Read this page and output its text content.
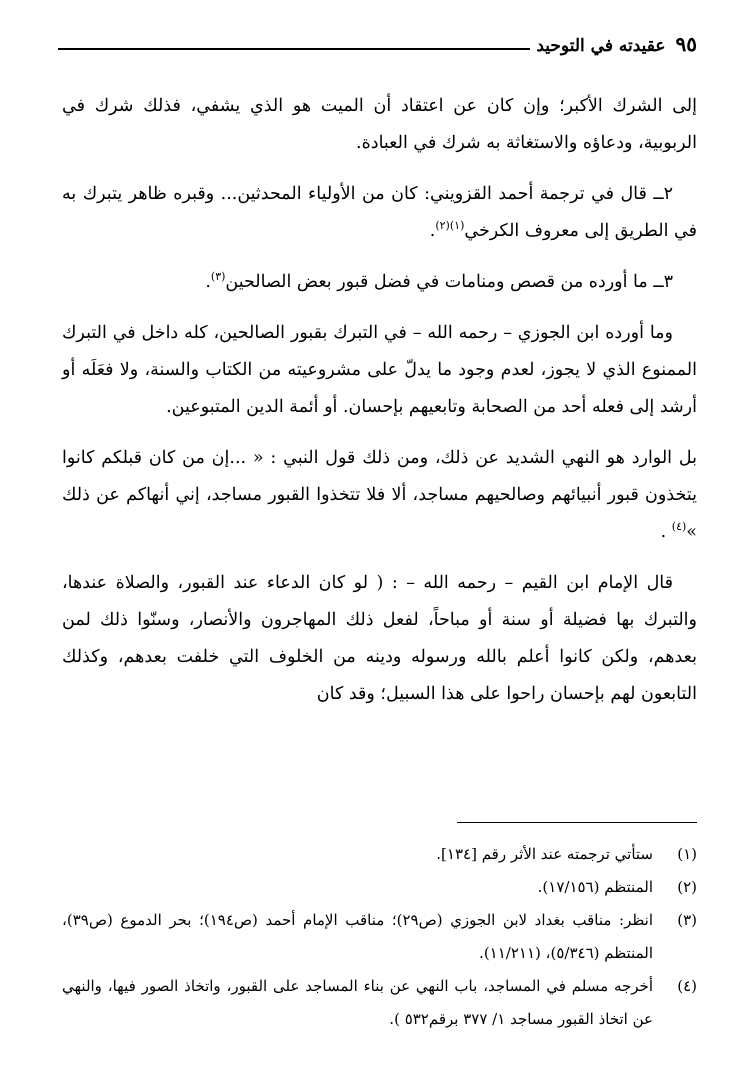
٩٥
عقيدته في التوحيد

إلى الشرك الأكبر؛ وإن كان عن اعتقاد أن الميت هو الذي يشفي، فذلك شرك في الربوبية، ودعاؤه والاستغاثة به شرك في العبادة.

٢ــ قال في ترجمة أحمد القزويني: كان من الأولياء المحدثين... وقبره ظاهر يتبرك به في الطريق إلى معروف الكرخي$^{(١)(٢)}$.

٣ــ ما أورده من قصص ومنامات في فضل قبور بعض الصالحين$^{(٣)}$.

وما أورده ابن الجوزي – رحمه الله – في التبرك بقبور الصالحين، كله داخل في التبرك الممنوع الذي لا يجوز، لعدم وجود ما يدلّ على مشروعيته من الكتاب والسنة، ولا فعَلَه أو أرشد إلى فعله أحد من الصحابة وتابعيهم بإحسان. أو أئمة الدين المتبوعين.

بل الوارد هو النهي الشديد عن ذلك، ومن ذلك قول النبي : « ...إن من كان قبلكم كانوا يتخذون قبور أنبيائهم وصالحيهم مساجد، ألا فلا تتخذوا القبور مساجد، إني أنهاكم عن ذلك »$^{(٤)}$ .

قال الإمام ابن القيم – رحمه الله – : ( لو كان الدعاء عند القبور، والصلاة عندها، والتبرك بها فضيلة أو سنة أو مباحاً، لفعل ذلك المهاجرون والأنصار، وسنّوا ذلك لمن بعدهم، ولكن كانوا أعلم بالله ورسوله ودينه من الخلوف التي خلفت بعدهم، وكذلك التابعون لهم بإحسان راحوا على هذا السبيل؛ وقد كان

(١)
ستأتي ترجمته عند الأثر رقم [١٣٤].
(٢)
المنتظم (١٧/١٥٦).
(٣)
انظر: مناقب بغداد لابن الجوزي (ص٢٩)؛ مناقب الإمام أحمد (ص١٩٤)؛ بحر الدموع (ص٣٩)، المنتظم (٥/٣٤٦)، (١١/٢١١).
(٤)
أخرجه مسلم في المساجد، باب النهي عن بناء المساجد على القبور، واتخاذ الصور فيها، والنهي عن اتخاذ القبور مساجد ١/ ٣٧٧ برقم٥٣٢ ).
